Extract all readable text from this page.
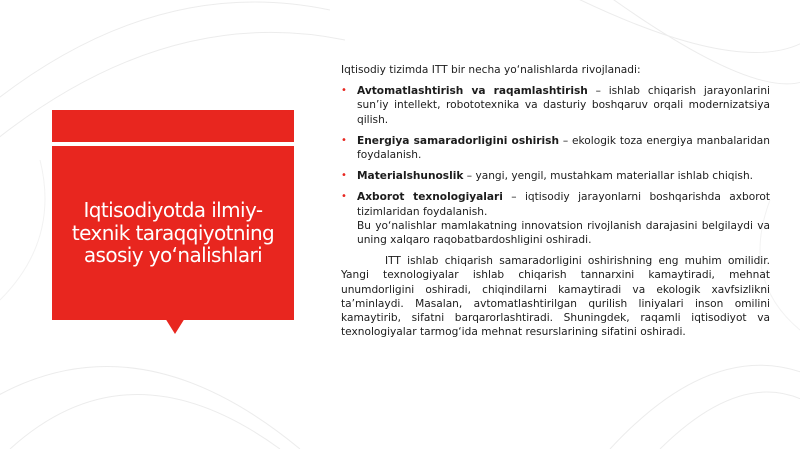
Iqtisodiyotda ilmiy-texnik taraqqiyotning asosiy yo‘nalishlari

Iqtisodiy tizimda ITT bir necha yo‘nalishlarda rivojlanadi:

• Avtomatlashtirish va raqamlashtirish – ishlab chiqarish jarayonlarini sun’iy intellekt, robototexnika va dasturiy boshqaruv orqali modernizatsiya qilish.
• Energiya samaradorligini oshirish – ekologik toza energiya manbalaridan foydalanish.
• Materialshunoslik – yangi, yengil, mustahkam materiallar ishlab chiqish.
• Axborot texnologiyalari – iqtisodiy jarayonlarni boshqarishda axborot tizimlaridan foydalanish.
Bu yo‘nalishlar mamlakatning innovatsion rivojlanish darajasini belgilaydi va uning xalqaro raqobatbardoshligini oshiradi.

ITT ishlab chiqarish samaradorligini oshirishning eng muhim omilidir. Yangi texnologiyalar ishlab chiqarish tannarxini kamaytiradi, mehnat unumdorligini oshiradi, chiqindilarni kamaytiradi va ekologik xavfsizlikni ta’minlaydi. Masalan, avtomatlashtirilgan qurilish liniyalari inson omilini kamaytirib, sifatni barqarorlashtiradi. Shuningdek, raqamli iqtisodiyot va texnologiyalar tarmog‘ida mehnat resurslarining sifatini oshiradi.
